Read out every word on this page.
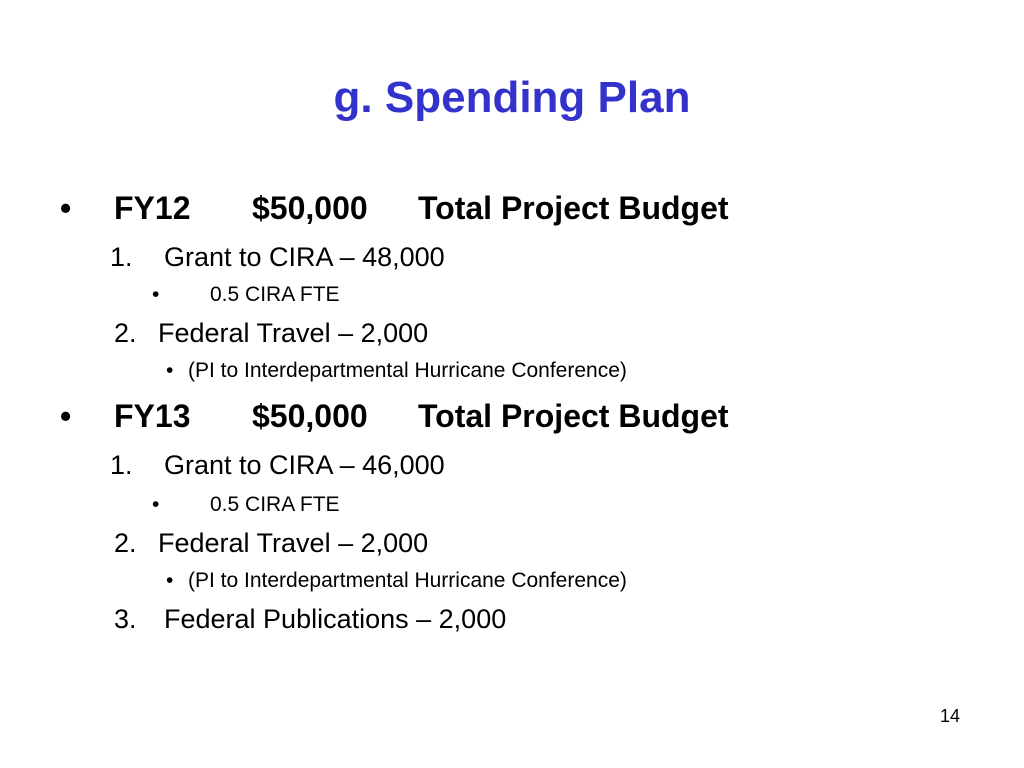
g. Spending Plan
• FY12 $50,000 Total Project Budget
1. Grant to CIRA – 48,000
• 0.5 CIRA FTE
2. Federal Travel – 2,000
• (PI to Interdepartmental Hurricane Conference)
• FY13 $50,000 Total Project Budget
1. Grant to CIRA – 46,000
• 0.5 CIRA FTE
2. Federal Travel – 2,000
• (PI to Interdepartmental Hurricane Conference)
3. Federal Publications – 2,000
14
